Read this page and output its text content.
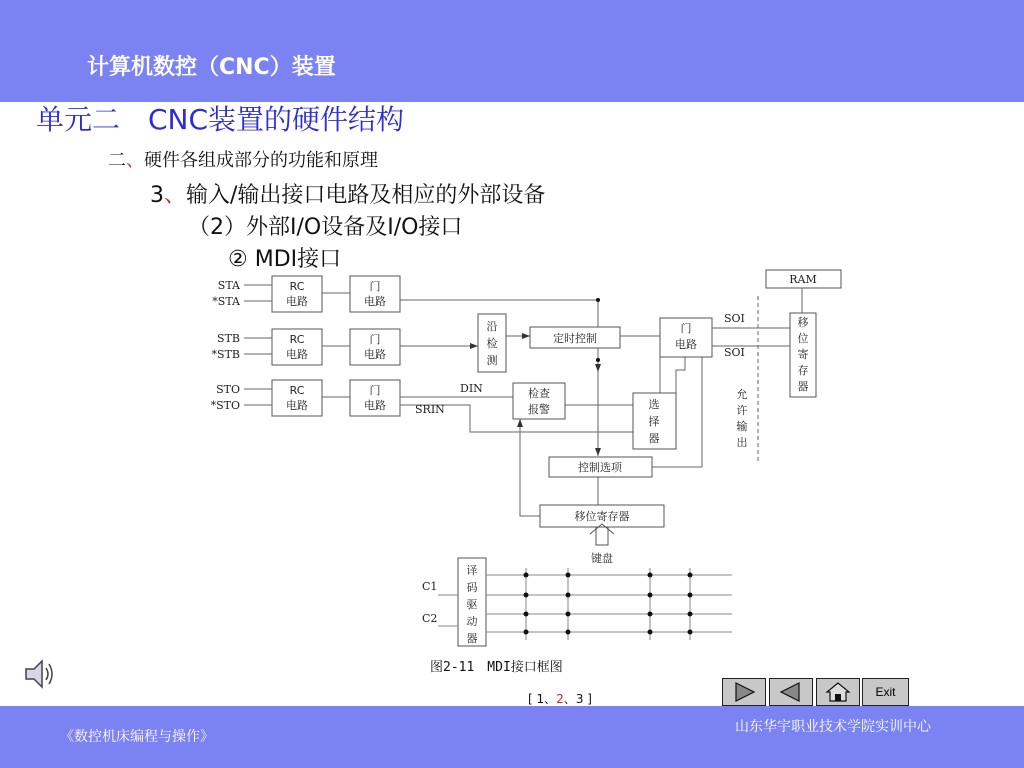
计算机数控（CNC）装置
单元二　CNC装置的硬件结构
二、硬件各组成部分的功能和原理
3、输入/输出接口电路及相应的外部设备
（2）外部I/O设备及I/O接口
② MDI接口
STA
*STA
STB
*STB
STO
*STO
RC
电路
RC
电路
RC
电路
门
电路
门
电路
门
电路
沿
检
测
定时控制
门
电路
DIN
SRIN
检查
报警	选
择
器
SOI
SOI
RAM
移
位
寄
存
器
允
许
输
出
控制选项
移位寄存器
键盘
译
码
驱
动
器
C1
C2
图2-11　MDI接口框图
[ 1、2、3 ]	Exit
《数控机床编程与操作》
山东华宇职业技术学院实训中心
